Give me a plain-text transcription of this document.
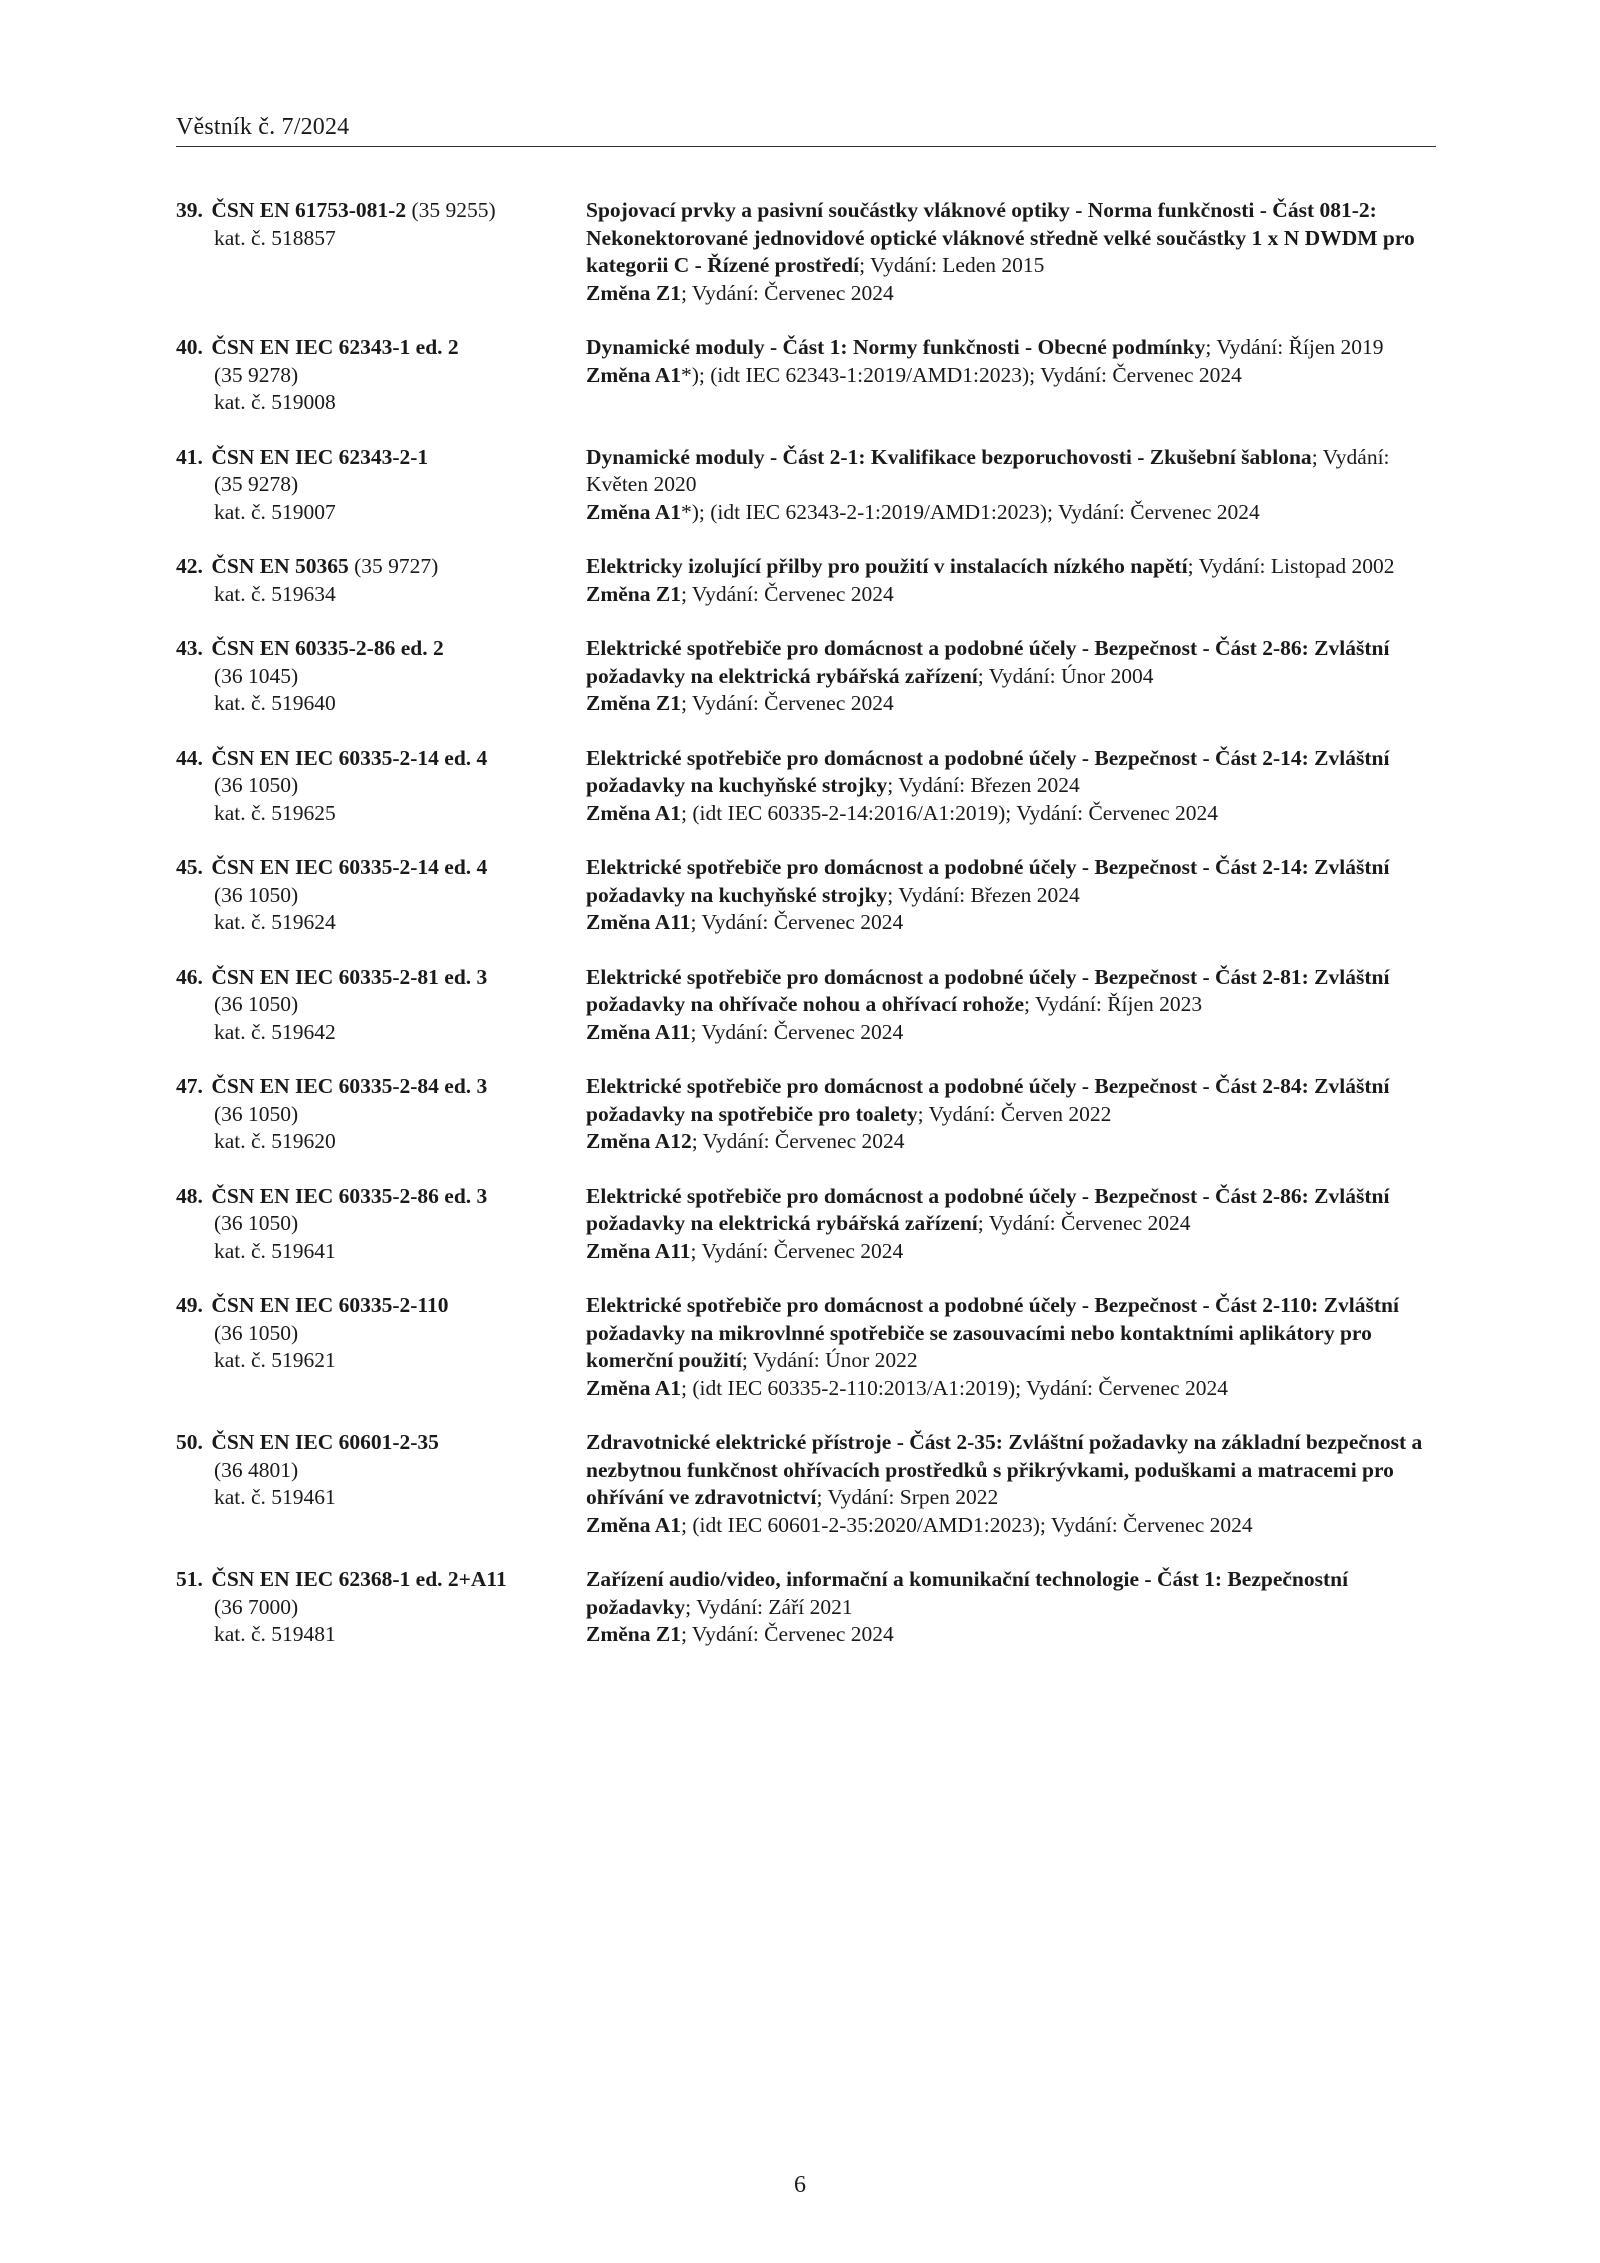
Věstník č. 7/2024
39. ČSN EN 61753-081-2 (35 9255)
kat. č. 518857
Spojovací prvky a pasivní součástky vláknové optiky - Norma funkčnosti - Část 081-2: Nekonektorované jednovidové optické vláknové středně velké součástky 1 x N DWDM pro kategorii C - Řízené prostředí; Vydání: Leden 2015
Změna Z1; Vydání: Červenec 2024
40. ČSN EN IEC 62343-1 ed. 2
(35 9278)
kat. č. 519008
Dynamické moduly - Část 1: Normy funkčnosti - Obecné podmínky; Vydání: Říjen 2019
Změna A1*); (idt IEC 62343-1:2019/AMD1:2023); Vydání: Červenec 2024
41. ČSN EN IEC 62343-2-1
(35 9278)
kat. č. 519007
Dynamické moduly - Část 2-1: Kvalifikace bezporuchovosti - Zkušební šablona; Vydání: Květen 2020
Změna A1*); (idt IEC 62343-2-1:2019/AMD1:2023); Vydání: Červenec 2024
42. ČSN EN 50365 (35 9727)
kat. č. 519634
Elektricky izolující přilby pro použití v instalacích nízkého napětí; Vydání: Listopad 2002
Změna Z1; Vydání: Červenec 2024
43. ČSN EN 60335-2-86 ed. 2
(36 1045)
kat. č. 519640
Elektrické spotřebiče pro domácnost a podobné účely - Bezpečnost - Část 2-86: Zvláštní požadavky na elektrická rybářská zařízení; Vydání: Únor 2004
Změna Z1; Vydání: Červenec 2024
44. ČSN EN IEC 60335-2-14 ed. 4
(36 1050)
kat. č. 519625
Elektrické spotřebiče pro domácnost a podobné účely - Bezpečnost - Část 2-14: Zvláštní požadavky na kuchyňské strojky; Vydání: Březen 2024
Změna A1; (idt IEC 60335-2-14:2016/A1:2019); Vydání: Červenec 2024
45. ČSN EN IEC 60335-2-14 ed. 4
(36 1050)
kat. č. 519624
Elektrické spotřebiče pro domácnost a podobné účely - Bezpečnost - Část 2-14: Zvláštní požadavky na kuchyňské strojky; Vydání: Březen 2024
Změna A11; Vydání: Červenec 2024
46. ČSN EN IEC 60335-2-81 ed. 3
(36 1050)
kat. č. 519642
Elektrické spotřebiče pro domácnost a podobné účely - Bezpečnost - Část 2-81: Zvláštní požadavky na ohřívače nohou a ohřívací rohože; Vydání: Říjen 2023
Změna A11; Vydání: Červenec 2024
47. ČSN EN IEC 60335-2-84 ed. 3
(36 1050)
kat. č. 519620
Elektrické spotřebiče pro domácnost a podobné účely - Bezpečnost - Část 2-84: Zvláštní požadavky na spotřebiče pro toalety; Vydání: Červen 2022
Změna A12; Vydání: Červenec 2024
48. ČSN EN IEC 60335-2-86 ed. 3
(36 1050)
kat. č. 519641
Elektrické spotřebiče pro domácnost a podobné účely - Bezpečnost - Část 2-86: Zvláštní požadavky na elektrická rybářská zařízení; Vydání: Červenec 2024
Změna A11; Vydání: Červenec 2024
49. ČSN EN IEC 60335-2-110
(36 1050)
kat. č. 519621
Elektrické spotřebiče pro domácnost a podobné účely - Bezpečnost - Část 2-110: Zvláštní požadavky na mikrovlnné spotřebiče se zasouvacími nebo kontaktními aplikátory pro komerční použití; Vydání: Únor 2022
Změna A1; (idt IEC 60335-2-110:2013/A1:2019); Vydání: Červenec 2024
50. ČSN EN IEC 60601-2-35
(36 4801)
kat. č. 519461
Zdravotnické elektrické přístroje - Část 2-35: Zvláštní požadavky na základní bezpečnost a nezbytnou funkčnost ohřívacích prostředků s přikrývkami, poduškami a matracemi pro ohřívání ve zdravotnictví; Vydání: Srpen 2022
Změna A1; (idt IEC 60601-2-35:2020/AMD1:2023); Vydání: Červenec 2024
51. ČSN EN IEC 62368-1 ed. 2+A11
(36 7000)
kat. č. 519481
Zařízení audio/video, informační a komunikační technologie - Část 1: Bezpečnostní požadavky; Vydání: Září 2021
Změna Z1; Vydání: Červenec 2024
6
